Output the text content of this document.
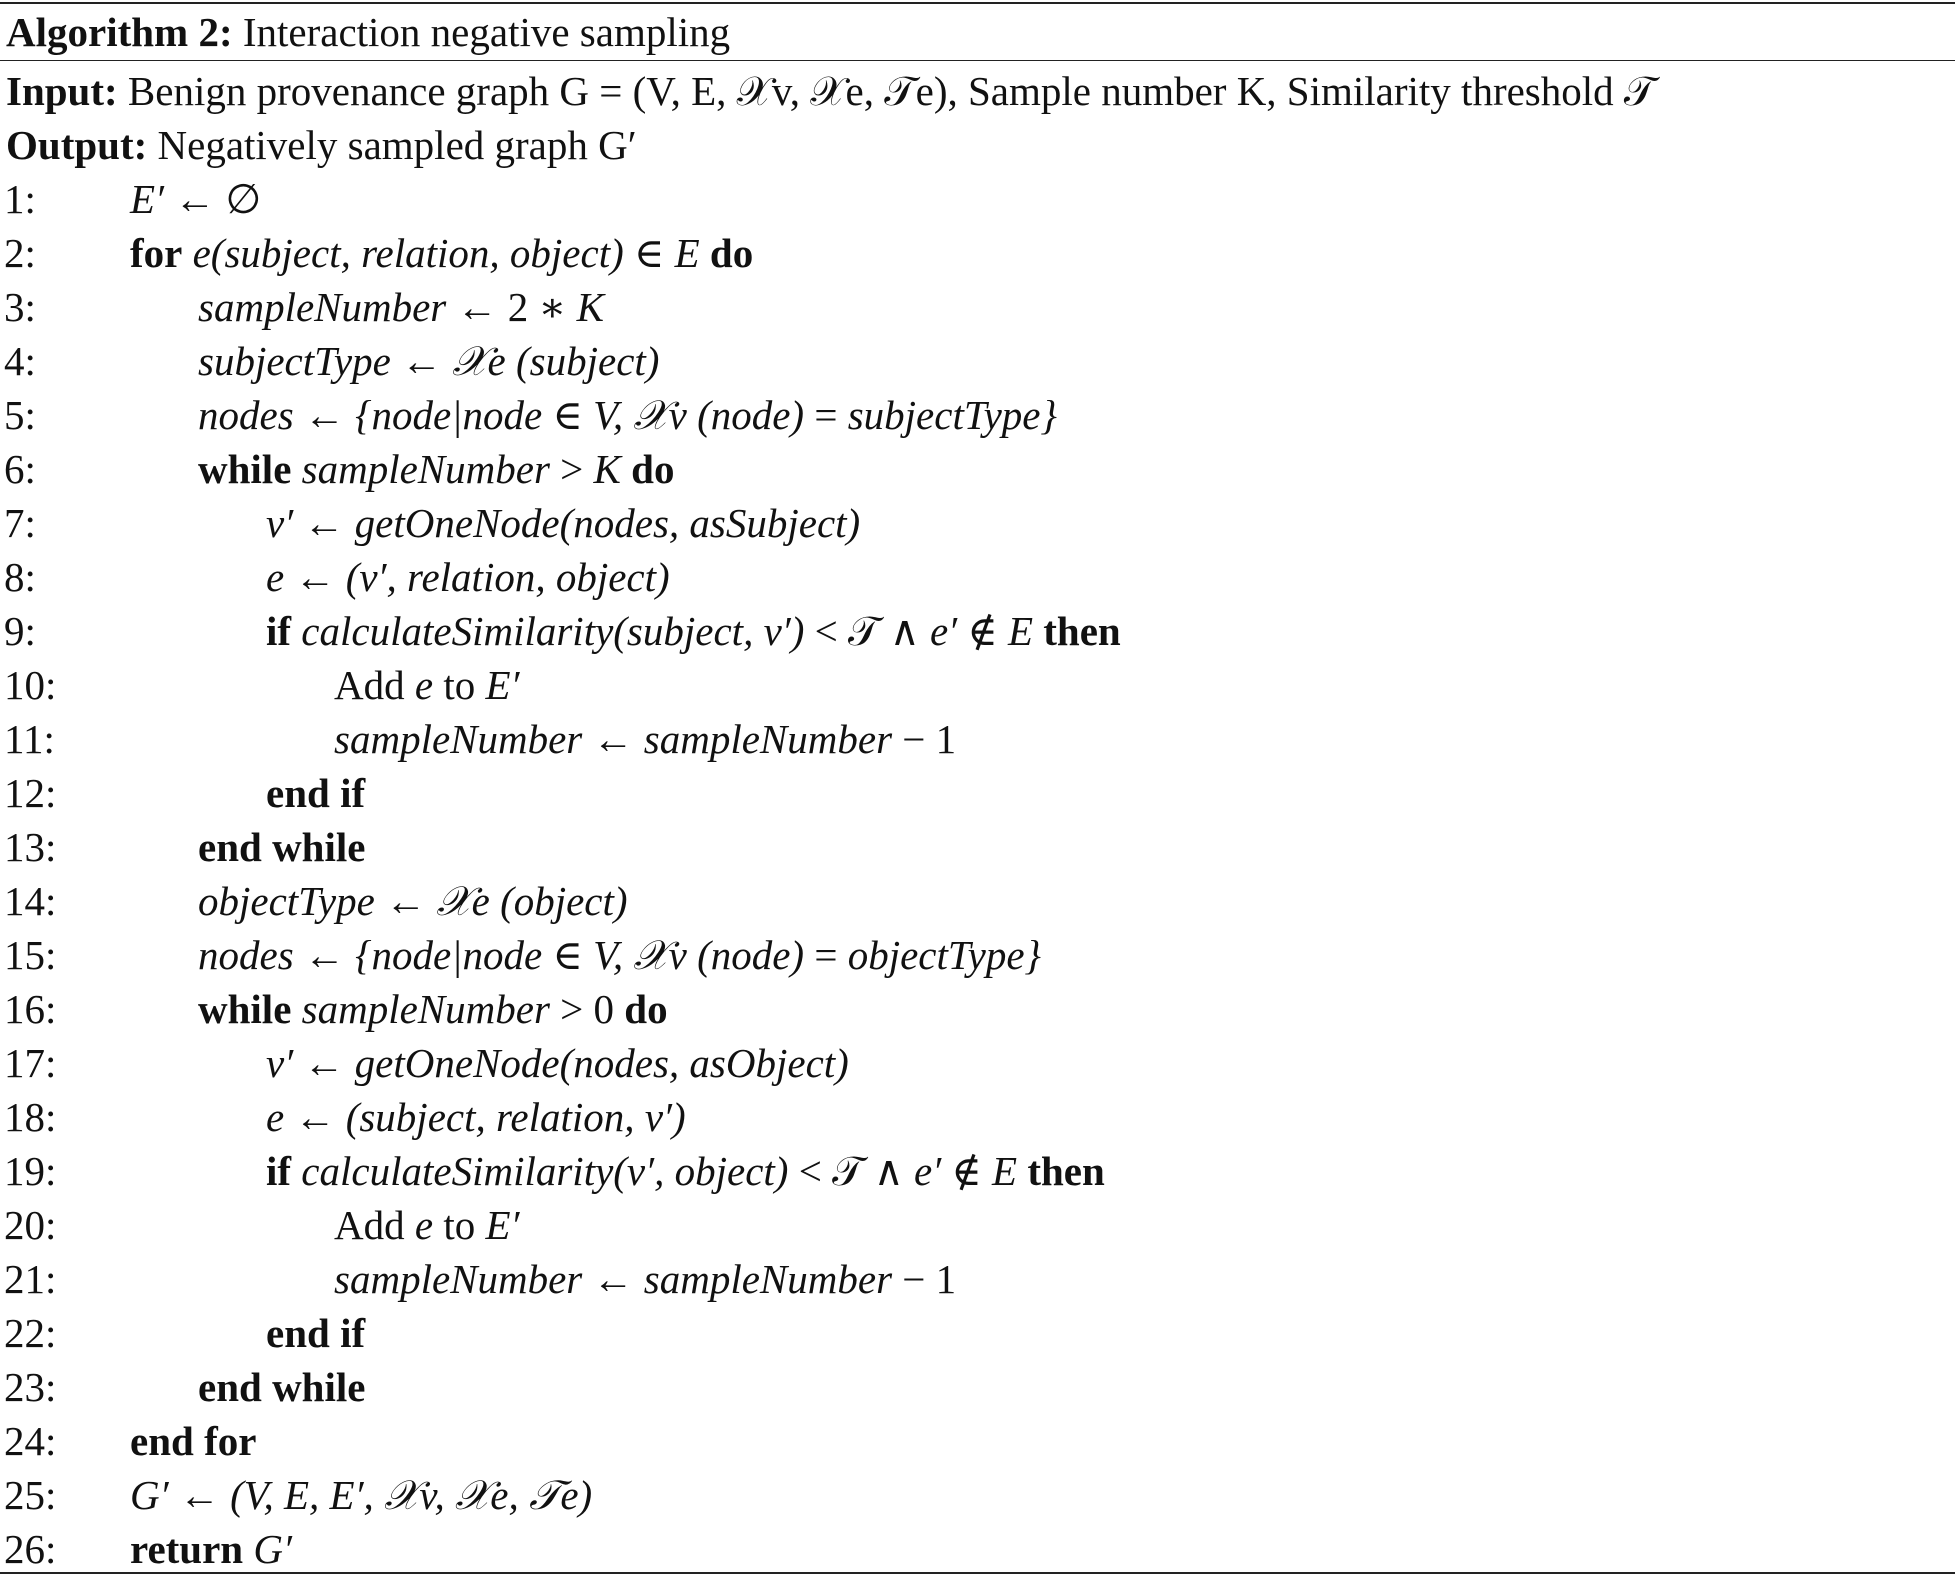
Algorithm 2: Interaction negative sampling
Input: Benign provenance graph G = (V, E, 𝒳v, 𝒳e, 𝒯e), Sample number K, Similarity threshold 𝒯
Output: Negatively sampled graph G′
1:	E′ ← ∅
2:	for e(subject, relation, object) ∈ E do
3:	sampleNumber ← 2 ∗ K
4:	subjectType ← 𝒳e (subject)
5:	nodes ← {node|node ∈ V, 𝒳v (node) = subjectType}
6:	while sampleNumber > K do
7:	v′ ← getOneNode(nodes, asSubject)
8:	e ← (v′, relation, object)
9:	if calculateSimilarity(subject, v′) < 𝒯 ∧ e′ ∉ E then
10:	Add e to E′
11:	sampleNumber ← sampleNumber − 1
12:	end if
13:	end while
14:	objectType ← 𝒳e (object)
15:	nodes ← {node|node ∈ V, 𝒳v (node) = objectType}
16:	while sampleNumber > 0 do
17:	v′ ← getOneNode(nodes, asObject)
18:	e ← (subject, relation, v′)
19:	if calculateSimilarity(v′, object) < 𝒯 ∧ e′ ∉ E then
20:	Add e to E′
21:	sampleNumber ← sampleNumber − 1
22:	end if
23:	end while
24:	end for
25:	G′ ← (V, E, E′, 𝒳v, 𝒳e, 𝒯e)
26:	return G′
